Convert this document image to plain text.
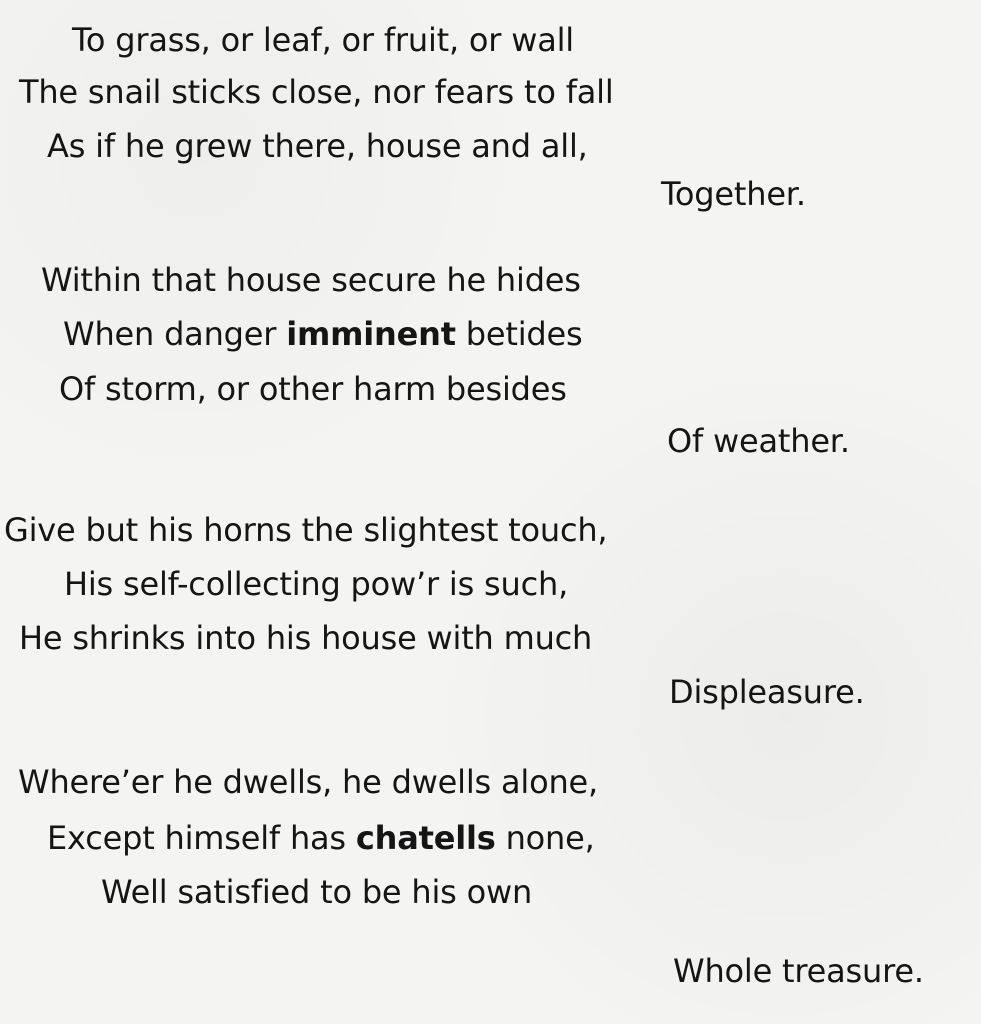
To grass, or leaf, or fruit, or wall
The snail sticks close, nor fears to fall
As if he grew there, house and all,
Together.
Within that house secure he hides
When danger imminent betides
Of storm, or other harm besides
Of weather.
Give but his horns the slightest touch,
His self-collecting pow’r is such,
He shrinks into his house with much
Displeasure.
Where’er he dwells, he dwells alone,
Except himself has chatells none,
Well satisfied to be his own
Whole treasure.
